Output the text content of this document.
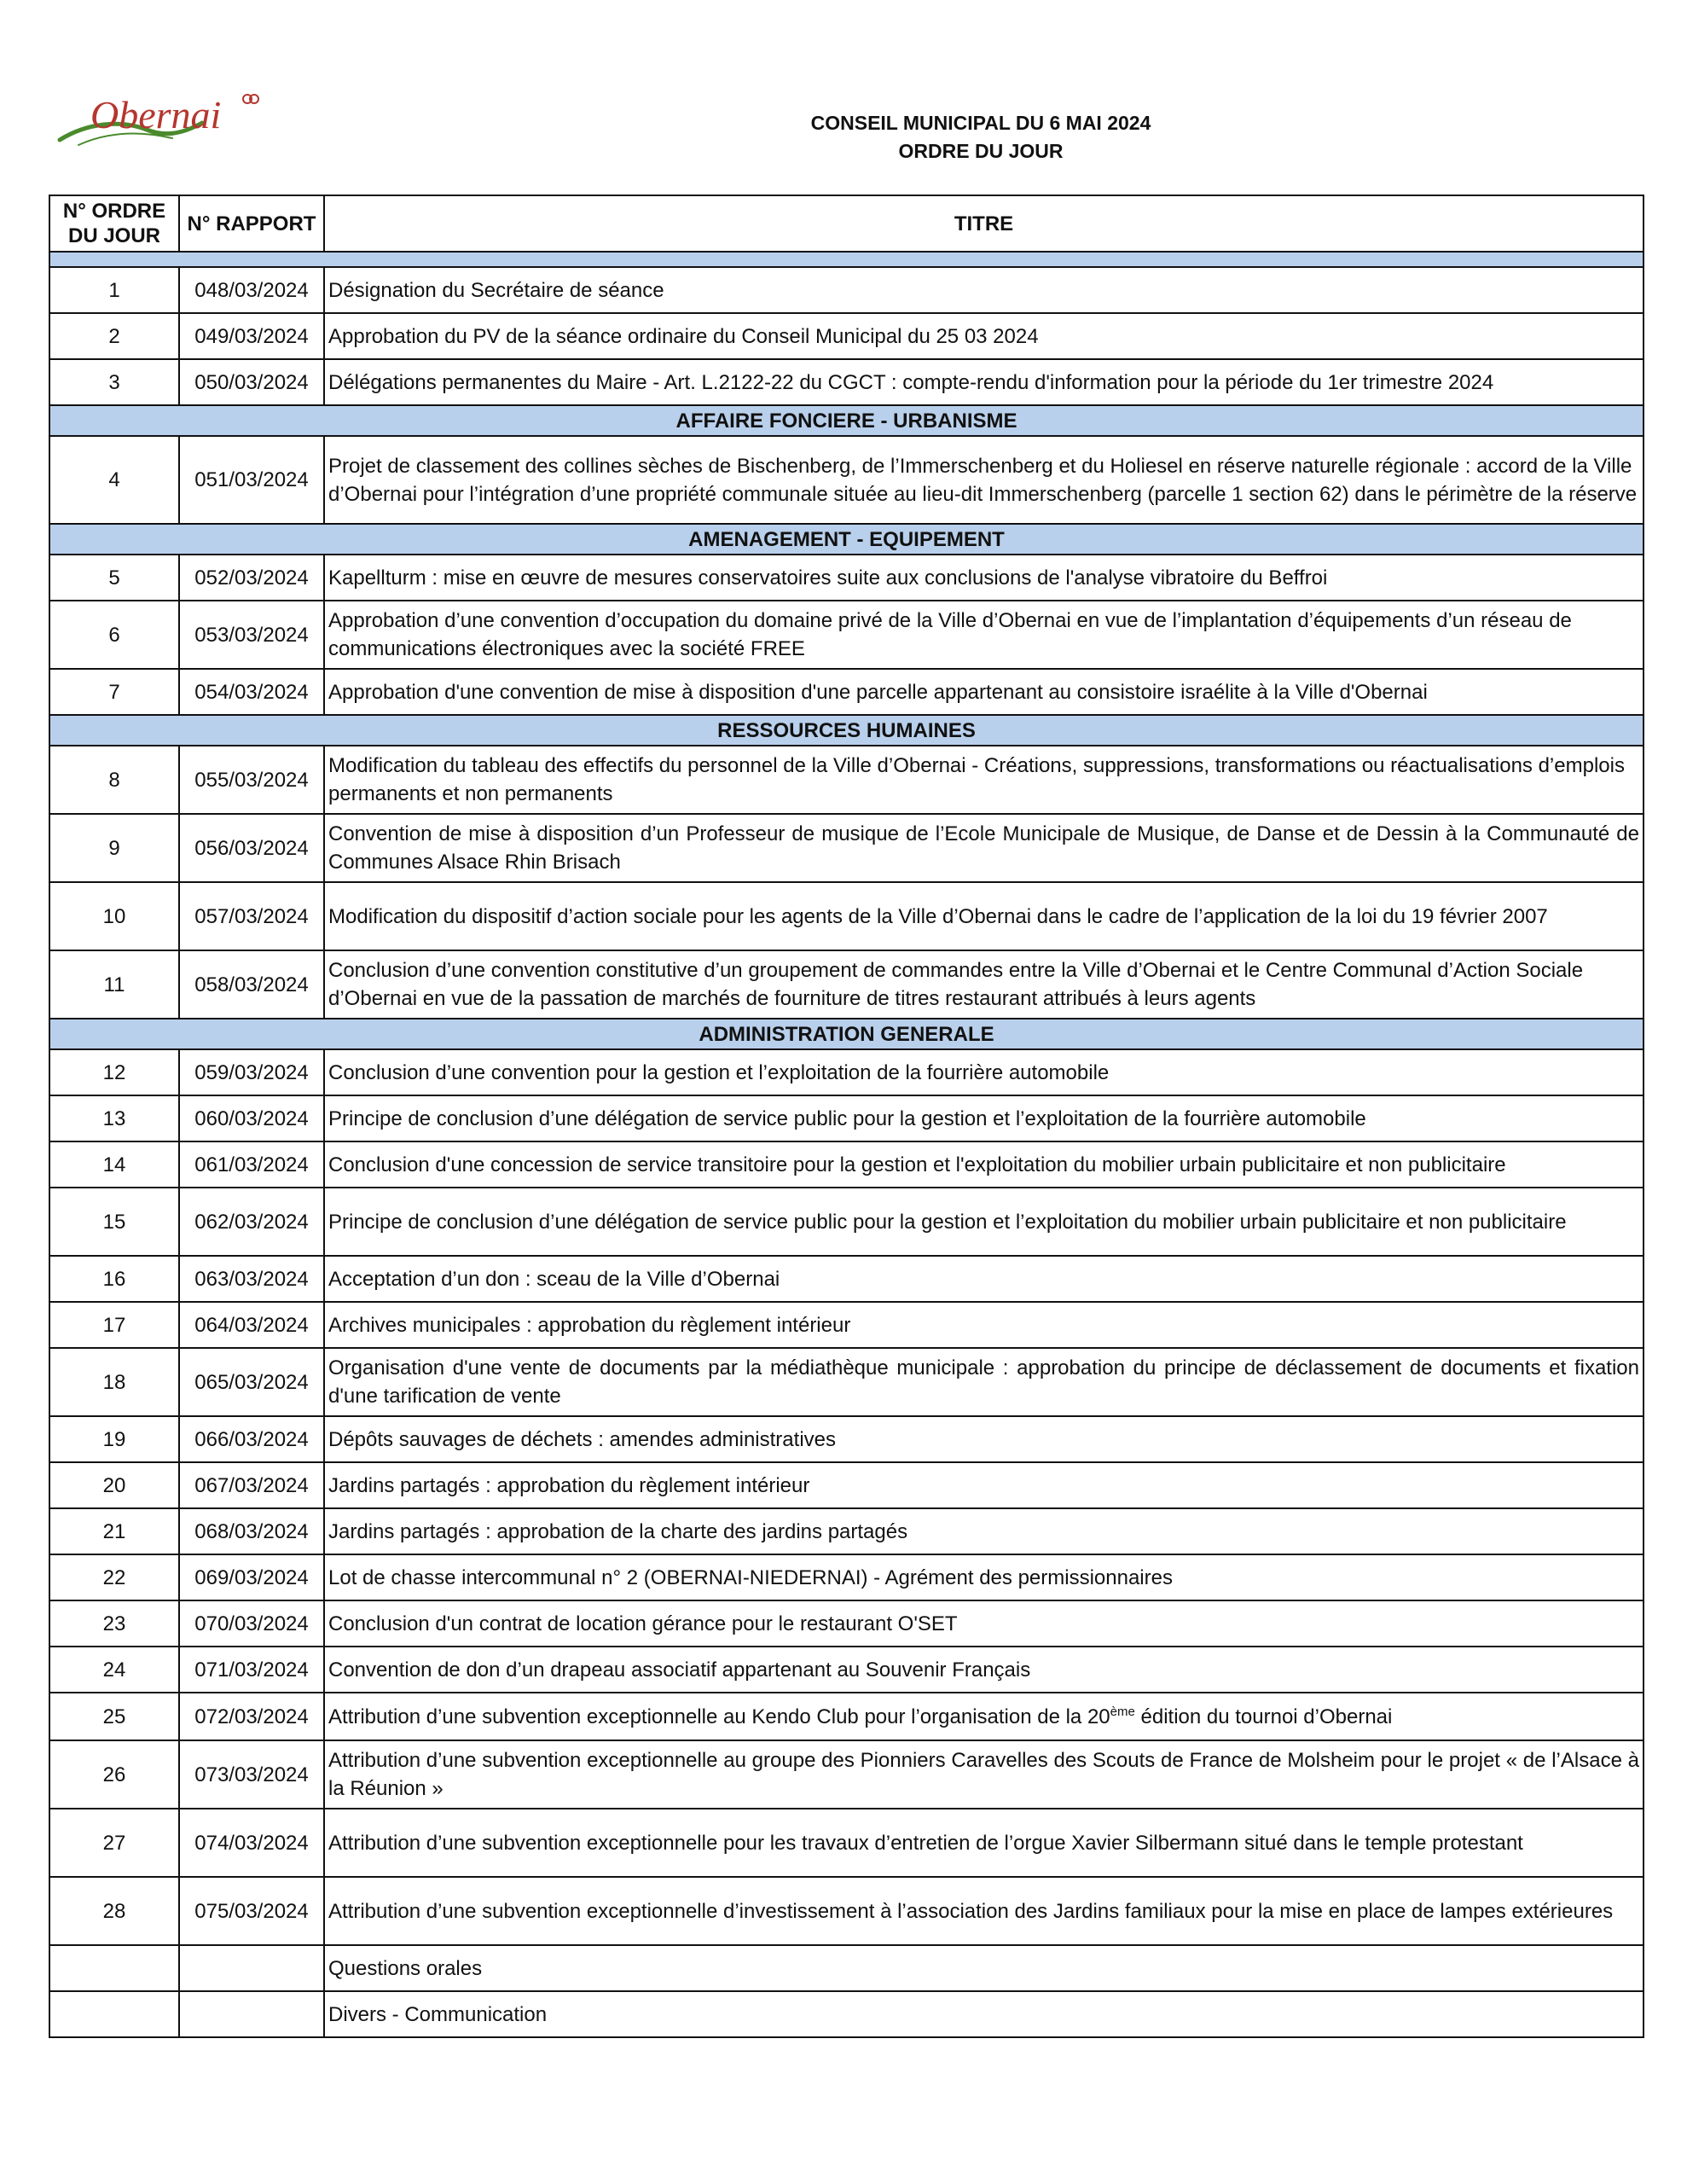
Obernai	CONSEIL MUNICIPAL DU 6 MAI 2024
ORDRE DU JOUR
N° ORDRE DU JOUR	N° RAPPORT	TITRE

1	048/03/2024	Désignation du Secrétaire de séance
2	049/03/2024	Approbation du PV de la séance ordinaire du Conseil Municipal du 25 03 2024
3	050/03/2024	Délégations permanentes du Maire - Art. L.2122-22 du CGCT : compte-rendu d'information pour la période du 1er trimestre 2024
AFFAIRE FONCIERE - URBANISME		
4	051/03/2024	Projet de classement des collines sèches de Bischenberg, de l’Immerschenberg et du Holiesel en réserve naturelle régionale : accord de la Ville d’Obernai pour l’intégration d’une propriété communale située au lieu-dit Immerschenberg (parcelle 1 section 62) dans le périmètre de la réserve
AMENAGEMENT - EQUIPEMENT		
5	052/03/2024	Kapellturm : mise en œuvre de mesures conservatoires suite aux conclusions de l'analyse vibratoire du Beffroi
6	053/03/2024	Approbation d’une convention d’occupation du domaine privé de la Ville d’Obernai en vue de l’implantation d’équipements d’un réseau de communications électroniques avec la société FREE
7	054/03/2024	Approbation d'une convention de mise à disposition d'une parcelle appartenant au consistoire israélite à la Ville d'Obernai
RESSOURCES HUMAINES		
8	055/03/2024	Modification du tableau des effectifs du personnel de la Ville d’Obernai - Créations, suppressions, transformations ou réactualisations d’emplois permanents et non permanents
9	056/03/2024	Convention de mise à disposition d’un Professeur de musique de l’Ecole Municipale de Musique, de Danse et de Dessin à la Communauté de Communes Alsace Rhin Brisach
10	057/03/2024	Modification du dispositif d’action sociale pour les agents de la Ville d’Obernai dans le cadre de l’application de la loi du 19 février 2007
11	058/03/2024	Conclusion d’une convention constitutive d’un groupement de commandes entre la Ville d’Obernai et le Centre Communal d’Action Sociale d’Obernai en vue de la passation de marchés de fourniture de titres restaurant attribués à leurs agents
ADMINISTRATION GENERALE		
12	059/03/2024	Conclusion d’une convention pour la gestion et l’exploitation de la fourrière automobile
13	060/03/2024	Principe de conclusion d’une délégation de service public pour la gestion et l’exploitation de la fourrière automobile
14	061/03/2024	Conclusion d'une concession de service transitoire pour la gestion et l'exploitation du mobilier urbain publicitaire et non publicitaire
15	062/03/2024	Principe de conclusion d’une délégation de service public pour la gestion et l’exploitation du mobilier urbain publicitaire et non publicitaire
16	063/03/2024	Acceptation d’un don : sceau de la Ville d’Obernai
17	064/03/2024	Archives municipales : approbation du règlement intérieur
18	065/03/2024	Organisation d'une vente de documents par la médiathèque municipale : approbation du principe de déclassement de documents et fixation d'une tarification de vente
19	066/03/2024	Dépôts sauvages de déchets : amendes administratives
20	067/03/2024	Jardins partagés : approbation du règlement intérieur
21	068/03/2024	Jardins partagés : approbation de la charte des jardins partagés
22	069/03/2024	Lot de chasse intercommunal n° 2 (OBERNAI-NIEDERNAI) - Agrément des permissionnaires
23	070/03/2024	Conclusion d'un contrat de location gérance pour le restaurant O'SET
24	071/03/2024	Convention de don d’un drapeau associatif appartenant au Souvenir Français
25	072/03/2024	Attribution d’une subvention exceptionnelle au Kendo Club pour l’organisation de la 20ème édition du tournoi d’Obernai
26	073/03/2024	Attribution d’une subvention exceptionnelle au groupe des Pionniers Caravelles des Scouts de France de Molsheim pour le projet « de l’Alsace à la Réunion »
27	074/03/2024	Attribution d’une subvention exceptionnelle pour les travaux d’entretien de l’orgue Xavier Silbermann situé dans le temple protestant
28	075/03/2024	Attribution d’une subvention exceptionnelle d’investissement à l’association des Jardins familiaux pour la mise en place de lampes extérieures
		Questions orales
		Divers - Communication
